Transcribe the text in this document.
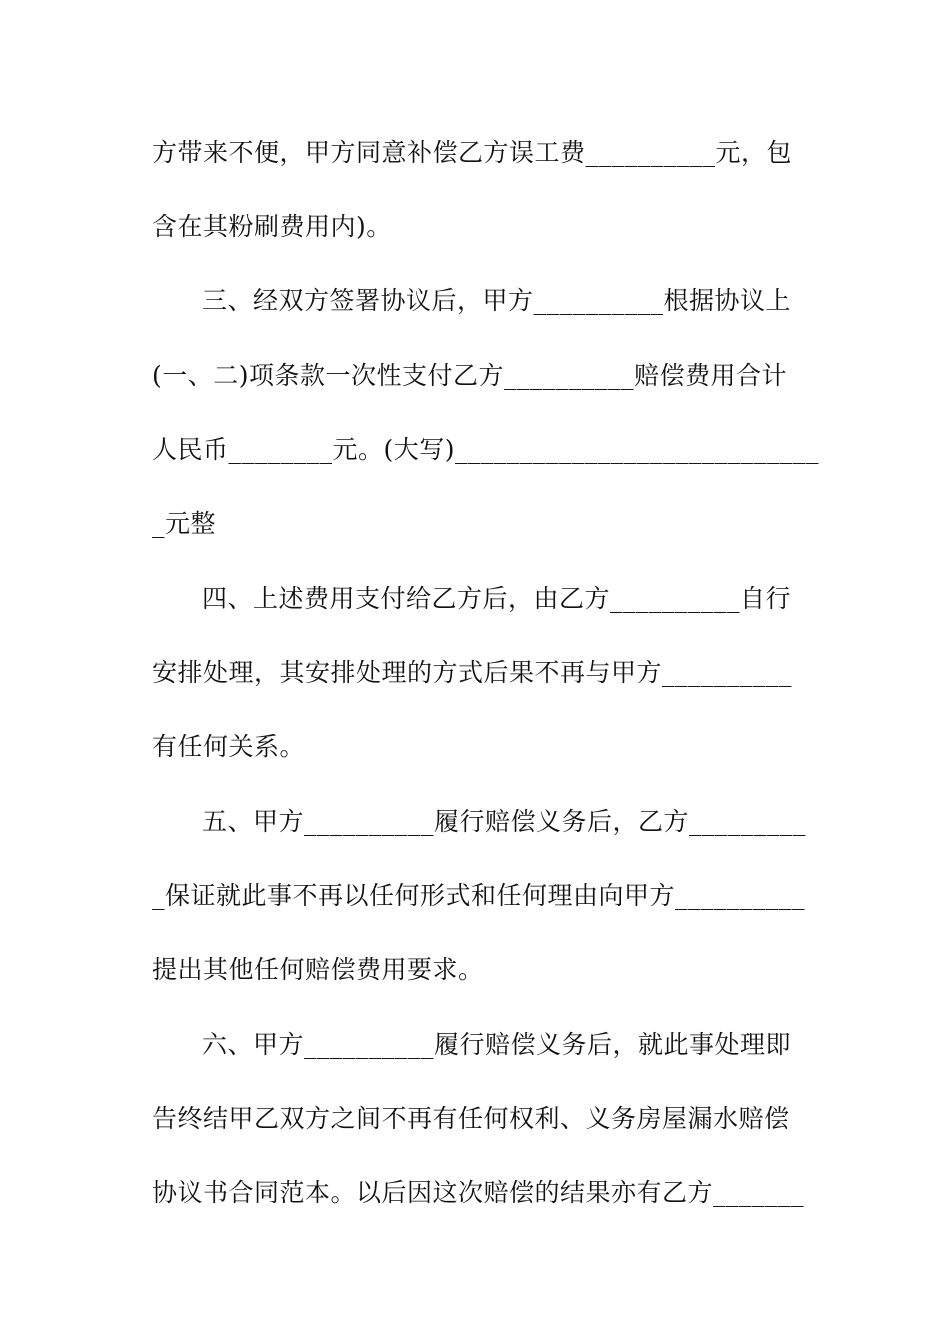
方带来不便，甲方同意补偿乙方误工费__________元，包
含在其粉刷费用内)。
三、经双方签署协议后，甲方__________根据协议上
(一、二)项条款一次性支付乙方__________赔偿费用合计
人民币________元。(大写)____________________________
_元整
四、上述费用支付给乙方后，由乙方__________自行
安排处理，其安排处理的方式后果不再与甲方__________
有任何关系。
五、甲方__________履行赔偿义务后，乙方_________
_保证就此事不再以任何形式和任何理由向甲方__________
提出其他任何赔偿费用要求。
六、甲方__________履行赔偿义务后，就此事处理即
告终结甲乙双方之间不再有任何权利、义务房屋漏水赔偿
协议书合同范本。以后因这次赔偿的结果亦有乙方_______
